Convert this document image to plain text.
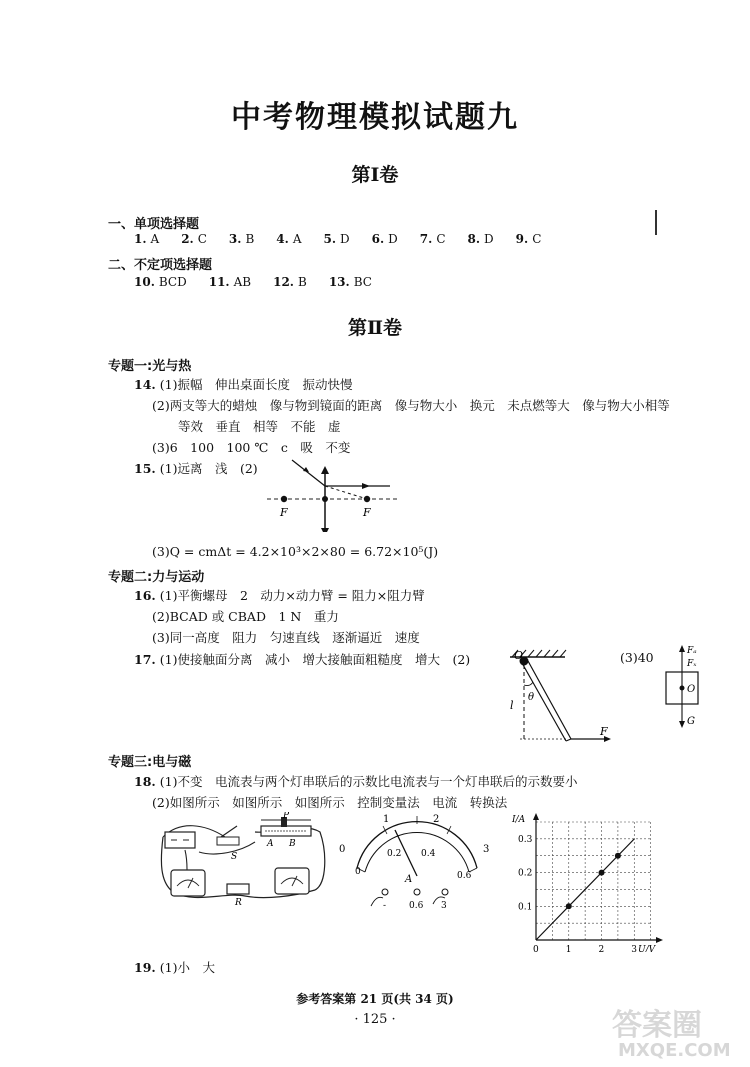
中考物理模拟试题九
第Ⅰ卷
一、单项选择题
1. A 2. C 3. B 4. A 5. D 6. D 7. C 8. D 9. C
二、不定项选择题
10. BCD 11. AB 12. B 13. BC
第Ⅱ卷
专题一:光与热
14. (1)振幅　伸出桌面长度　振动快慢
(2)两支等大的蜡烛　像与物到镜面的距离　像与物大小　换元　未点燃等大　像与物大小相等
等效　垂直　相等　不能　虚
(3)6　100　100 ℃　c　吸　不变
15. (1)远离　浅　(2)
F	F
(3)Q = cmΔt = 4.2×10³×2×80 = 6.72×10⁵(J)
专题二:力与运动
16. (1)平衡螺母　2　动力×动力臂 = 阻力×阻力臂
(2)BCAD 或 CBAD　1 N　重力
(3)同一高度　阻力　匀速直线　逐渐逼近　速度
17. (1)使接触面分离　减小　增大接触面粗糙度　增大　(2)	(3)40
O
θ
l
F
Fₐ
Fₓ
O
G
专题三:电与磁
18. (1)不变　电流表与两个灯串联后的示数比电流表与一个灯串联后的示数要小
(2)如图所示　如图所示　如图所示　控制变量法　电流　转换法
P
S
A B
R
0
1	2
3
0.2 0.4
0	0.6
A
-	0.6 3
I/A
U/V
0.1
0.2
0.3
0	1	2	3
19. (1)小　大
参考答案第 21 页(共 34 页)
· 125 ·	答案圈
MXQE.COM
